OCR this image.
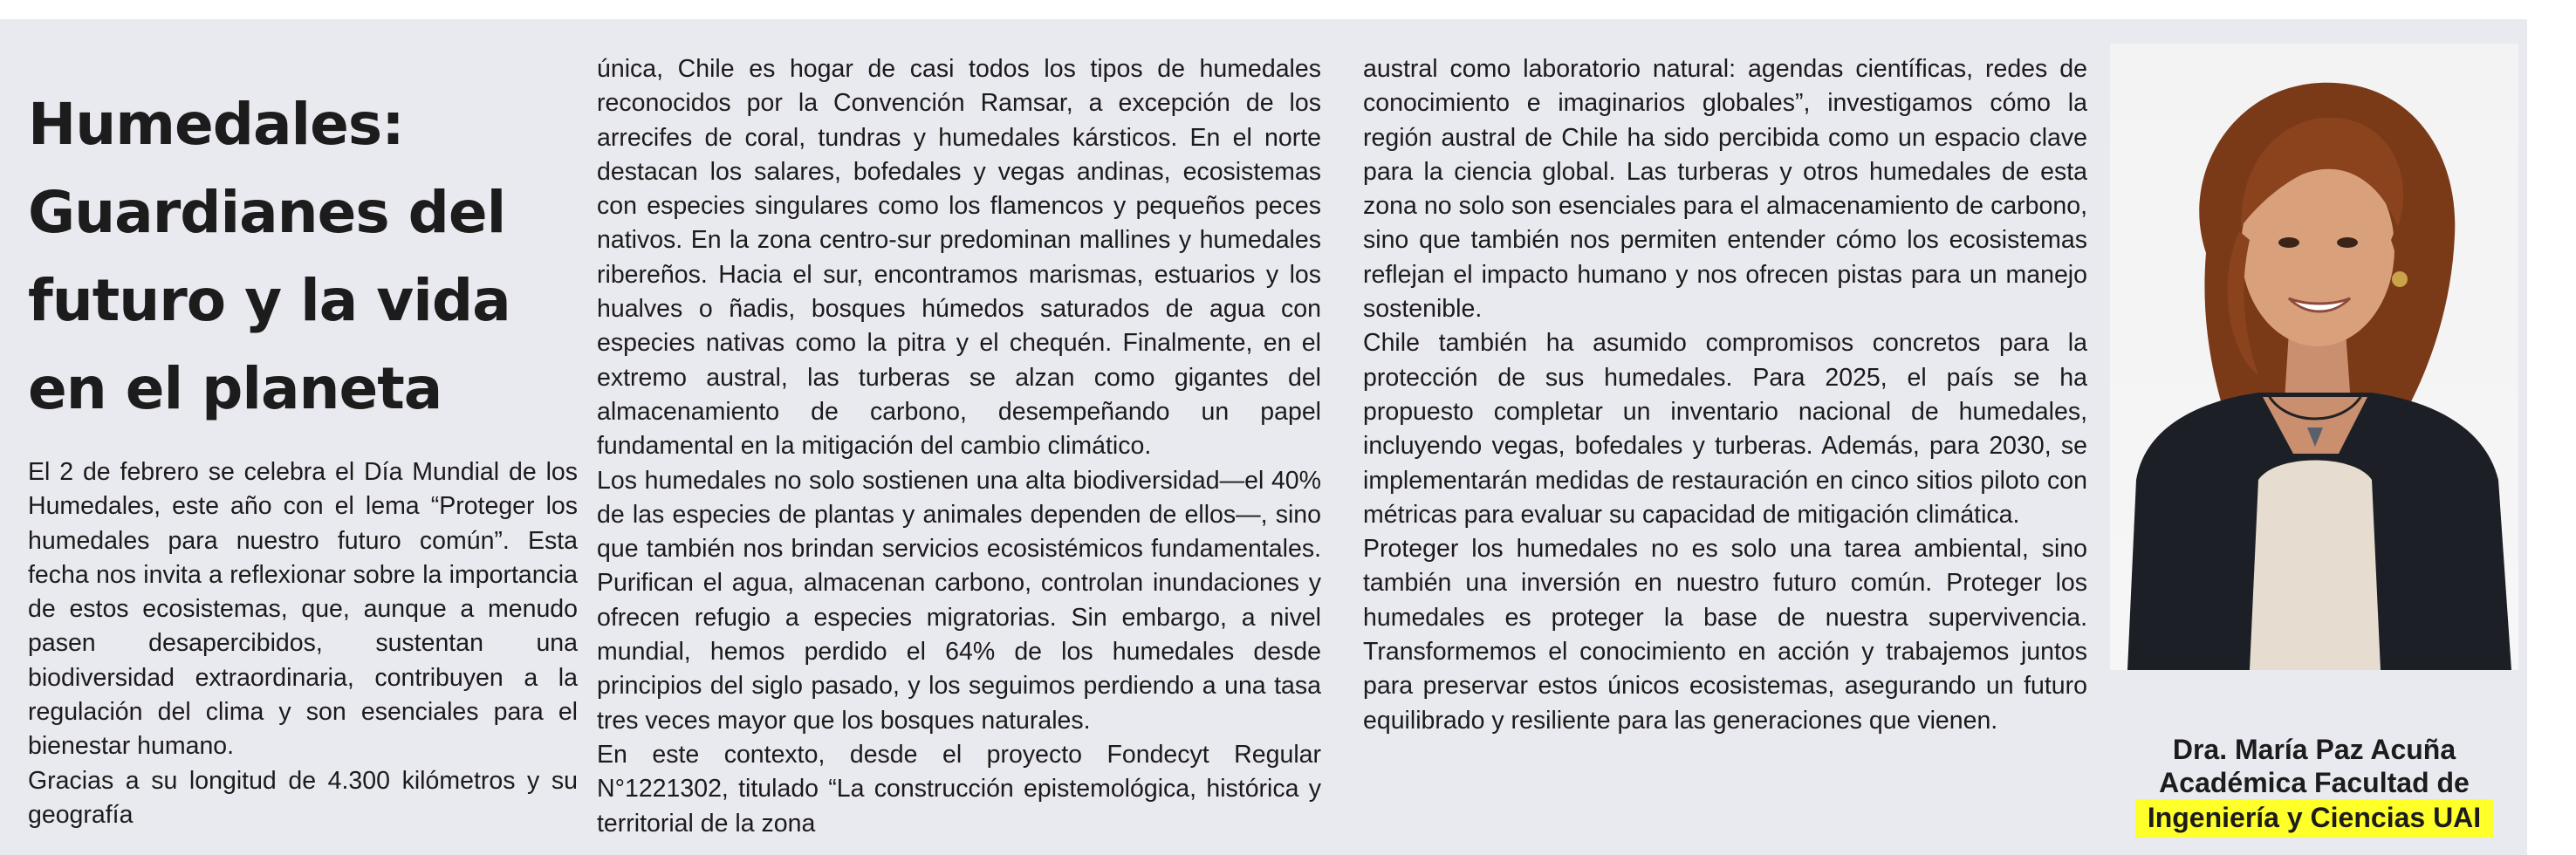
Humedales: Guardianes del futuro y la vida en el planeta

El 2 de febrero se celebra el Día Mundial de los Humedales, este año con el lema “Proteger los humedales para nuestro futuro común”. Esta fecha nos invita a reflexionar sobre la importancia de estos ecosistemas, que, aunque a menudo pasen desapercibidos, sustentan una biodiversidad extraordinaria, contribuyen a la regulación del clima y son esenciales para el bienestar humano.

Gracias a su longitud de 4.300 kilómetros y su geografía

única, Chile es hogar de casi todos los tipos de humedales reconocidos por la Convención Ramsar, a excepción de los arrecifes de coral, tundras y humedales kársticos. En el norte destacan los salares, bofedales y vegas andinas, ecosistemas con especies singulares como los flamencos y pequeños peces nativos. En la zona centro-sur predominan mallines y humedales ribereños. Hacia el sur, encontramos marismas, estuarios y los hualves o ñadis, bosques húmedos saturados de agua con especies nativas como la pitra y el chequén. Finalmente, en el extremo austral, las turberas se alzan como gigantes del almacenamiento de carbono, desempeñando un papel fundamental en la mitigación del cambio climático.

Los humedales no solo sostienen una alta biodiversidad—el 40% de las especies de plantas y animales dependen de ellos—, sino que también nos brindan servicios ecosistémicos fundamentales. Purifican el agua, almacenan carbono, controlan inundaciones y ofrecen refugio a especies migratorias. Sin embargo, a nivel mundial, hemos perdido el 64% de los humedales desde principios del siglo pasado, y los seguimos perdiendo a una tasa tres veces mayor que los bosques naturales.

En este contexto, desde el proyecto Fondecyt Regular N°1221302, titulado “La construcción epistemológica, histórica y territorial de la zona

austral como laboratorio natural: agendas científicas, redes de conocimiento e imaginarios globales”, investigamos cómo la región austral de Chile ha sido percibida como un espacio clave para la ciencia global. Las turberas y otros humedales de esta zona no solo son esenciales para el almacenamiento de carbono, sino que también nos permiten entender cómo los ecosistemas reflejan el impacto humano y nos ofrecen pistas para un manejo sostenible.

Chile también ha asumido compromisos concretos para la protección de sus humedales. Para 2025, el país se ha propuesto completar un inventario nacional de humedales, incluyendo vegas, bofedales y turberas. Además, para 2030, se implementarán medidas de restauración en cinco sitios piloto con métricas para evaluar su capacidad de mitigación climática.

Proteger los humedales no es solo una tarea ambiental, sino también una inversión en nuestro futuro común. Proteger los humedales es proteger la base de nuestra supervivencia. Transformemos el conocimiento en acción y trabajemos juntos para preservar estos únicos ecosistemas, asegurando un futuro equilibrado y resiliente para las generaciones que vienen.

Dra. María Paz Acuña
Académica Facultad de
Ingeniería y Ciencias UAI
